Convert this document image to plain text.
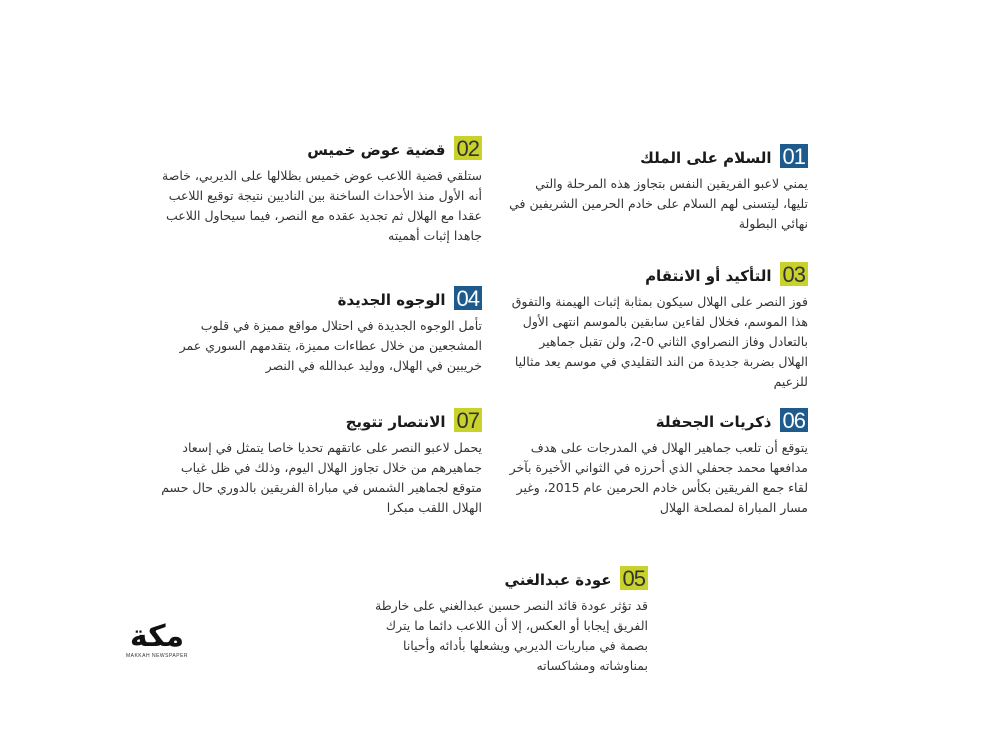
01
السلام على الملك
يمني لاعبو الفريقين النفس بتجاوز هذه المرحلة والتي تليها، ليتسنى لهم السلام على خادم الحرمين الشريفين في نهائي البطولة
02
قضية عوض خميس
ستلقي قضية اللاعب عوض خميس بظلالها على الديربي، خاصة أنه الأول منذ الأحداث الساخنة بين الناديين نتيجة توقيع اللاعب عقدا مع الهلال ثم تجديد عقده مع النصر، فيما سيحاول اللاعب جاهدا إثبات أهميته
03
التأكيد أو الانتقام
فوز النصر على الهلال سيكون بمثابة إثبات الهيمنة والتفوق هذا الموسم، فخلال لقاءين سابقين بالموسم انتهى الأول بالتعادل وفاز النصراوي الثاني 0-2، ولن تقبل جماهير الهلال بضربة جديدة من الند التقليدي في موسم يعد مثاليا للزعيم
04
الوجوه الجديدة
تأمل الوجوه الجديدة في احتلال مواقع مميزة في قلوب المشجعين من خلال عطاءات مميزة، يتقدمهم السوري عمر خريبين في الهلال، ووليد عبدالله في النصر
06
ذكريات الجحفلة
يتوقع أن تلعب جماهير الهلال في المدرجات على هدف مدافعها محمد جحفلي الذي أحرزه في الثواني الأخيرة بآخر لقاء جمع الفريقين بكأس خادم الحرمين عام 2015، وغير مسار المباراة لمصلحة الهلال
07
الانتصار تتويج
يحمل لاعبو النصر على عاتقهم تحديا خاصا يتمثل في إسعاد جماهيرهم من خلال تجاوز الهلال اليوم، وذلك في ظل غياب متوقع لجماهير الشمس في مباراة الفريقين بالدوري حال حسم الهلال اللقب مبكرا
05
عودة عبدالغني
قد تؤثر عودة قائد النصر حسين عبدالغني على خارطة الفريق إيجابا أو العكس، إلا أن اللاعب دائما ما يترك بصمة في مباريات الديربي ويشعلها بأدائه وأحيانا بمناوشاته ومشاكساته
مكة
MAKKAH NEWSPAPER
